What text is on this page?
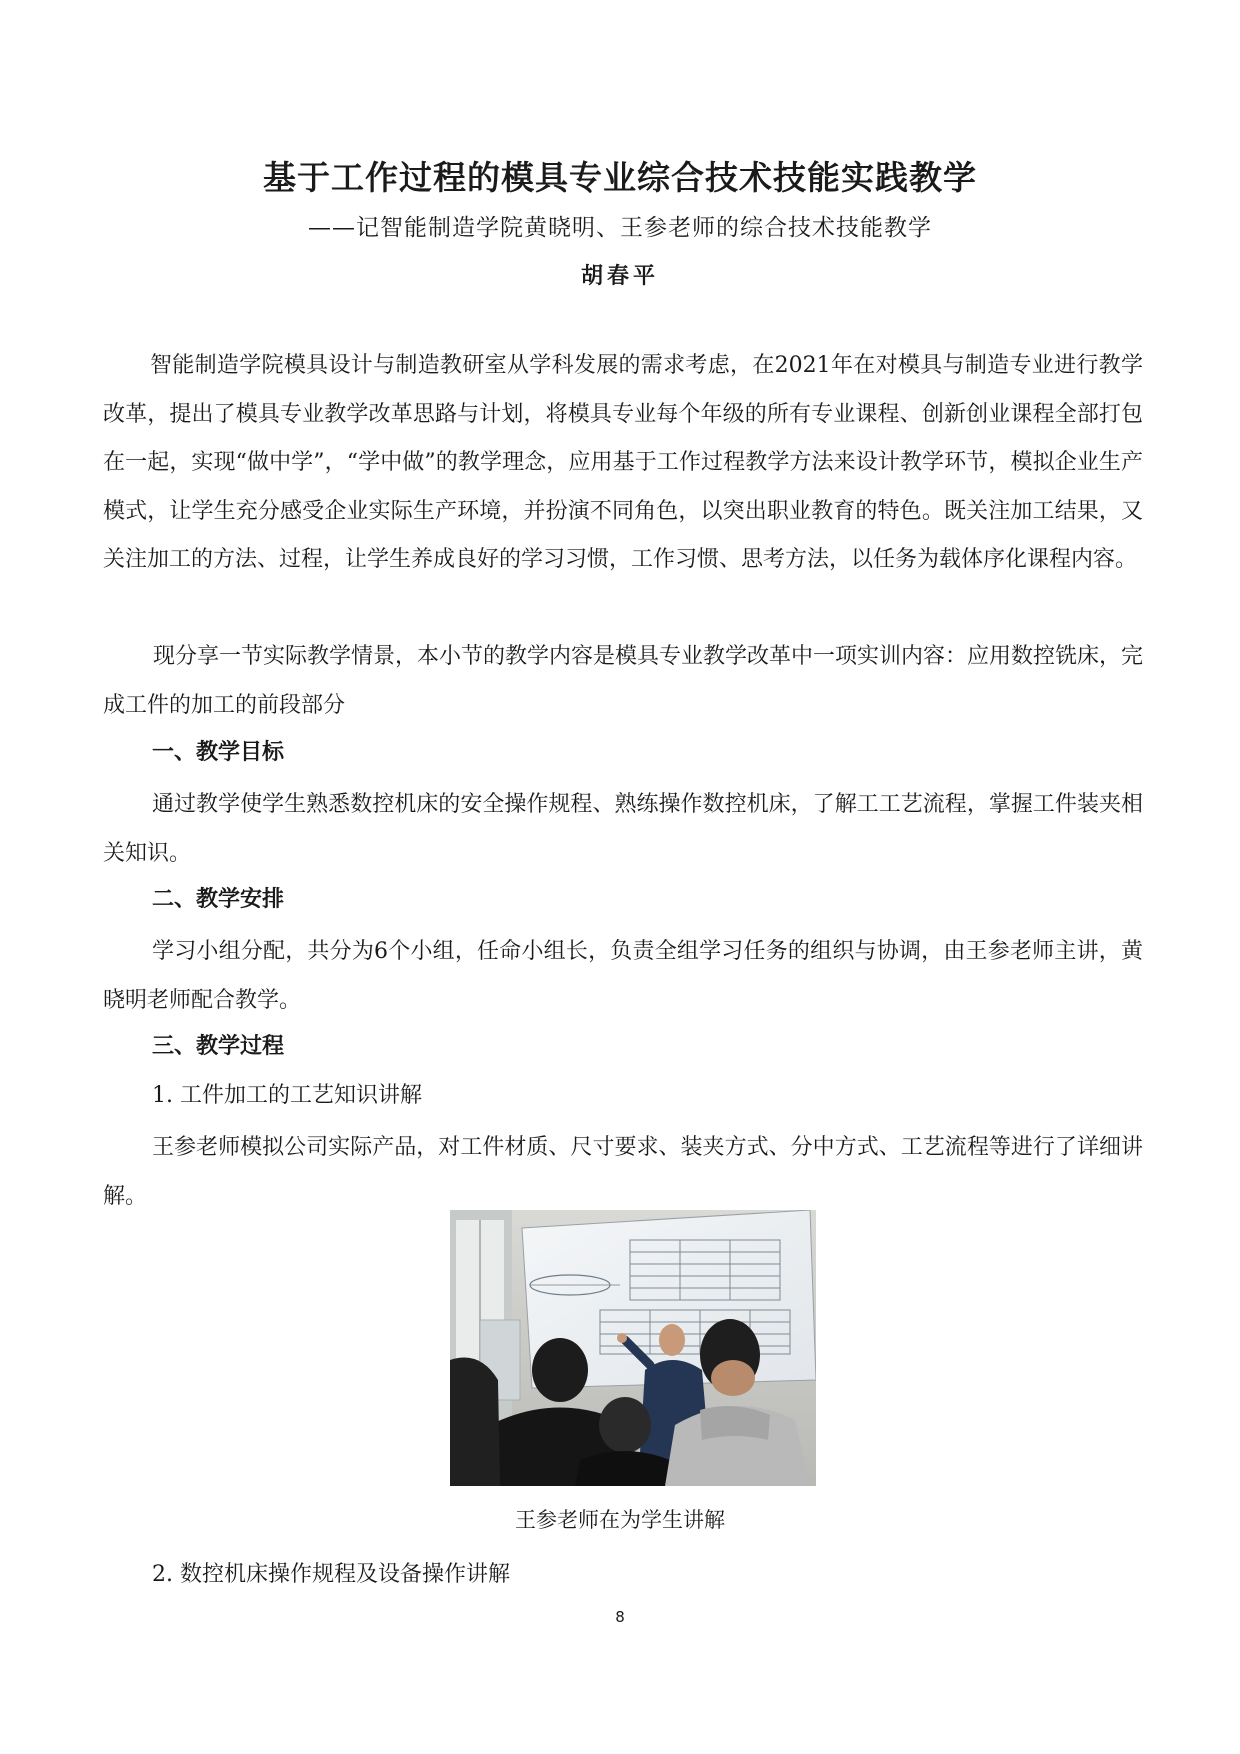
基于工作过程的模具专业综合技术技能实践教学

——记智能制造学院黄晓明、王参老师的综合技术技能教学

胡春平

智能制造学院模具设计与制造教研室从学科发展的需求考虑，在2021年在对模具与制造专业进行教学改革，提出了模具专业教学改革思路与计划，将模具专业每个年级的所有专业课程、创新创业课程全部打包在一起，实现“做中学”，“学中做”的教学理念，应用基于工作过程教学方法来设计教学环节，模拟企业生产模式，让学生充分感受企业实际生产环境，并扮演不同角色，以突出职业教育的特色。既关注加工结果，又关注加工的方法、过程，让学生养成良好的学习习惯，工作习惯、思考方法，以任务为载体序化课程内容。

现分享一节实际教学情景，本小节的教学内容是模具专业教学改革中一项实训内容：应用数控铣床，完成工件的加工的前段部分

一、教学目标

通过教学使学生熟悉数控机床的安全操作规程、熟练操作数控机床，了解工工艺流程，掌握工件装夹相关知识。

二、教学安排

学习小组分配，共分为6个小组，任命小组长，负责全组学习任务的组织与协调，由王参老师主讲，黄晓明老师配合教学。

三、教学过程

1. 工件加工的工艺知识讲解

王参老师模拟公司实际产品，对工件材质、尺寸要求、装夹方式、分中方式、工艺流程等进行了详细讲解。

王参老师在为学生讲解

2. 数控机床操作规程及设备操作讲解

8
